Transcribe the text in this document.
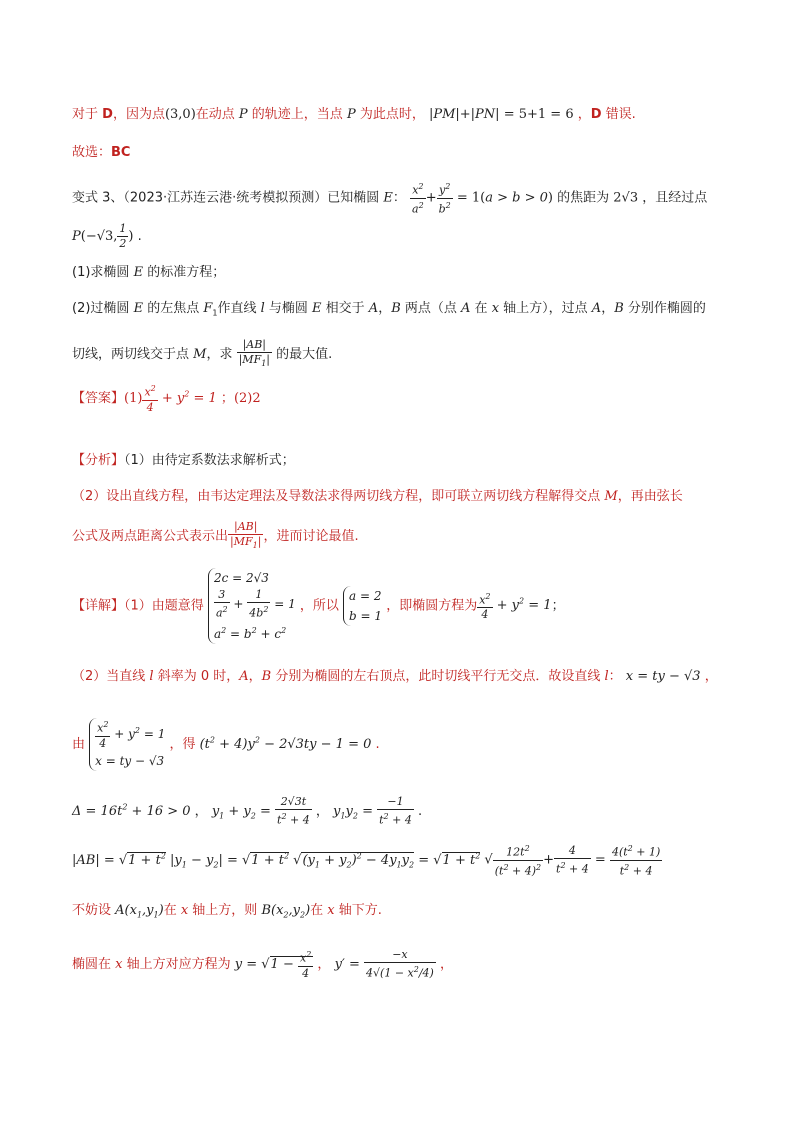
对于 D，因为点(3,0)在动点 P 的轨迹上，当点 P 为此点时， |PM|+|PN| = 5+1 = 6 ，D 错误.
故选：BC
变式 3、（2023·江苏连云港·统考模拟预测）已知椭圆 E： $\frac{x^2}{a^2} + \frac{y^2}{b^2} = 1(a > b > 0)$ 的焦距为 2√3 ，且经过点
P(−√3, $\frac{1}{2}$ ) .
(1)求椭圆 E 的标准方程；
(2)过椭圆 E 的左焦点 $F_1$作直线 l 与椭圆 E 相交于 A，B 两点（点 A 在 x 轴上方），过点 A，B 分别作椭圆的
切线，两切线交于点 M，求 $\frac{|AB|}{|MF_1|}$ 的最大值.
【答案】$(1) \frac{x^2}{4} + y^2 = 1$ ；(2)2
【分析】（1）由待定系数法求解析式；
（2）设出直线方程，由韦达定理法及导数法求得两切线方程，即可联立两切线方程解得交点 M，再由弦长
公式及两点距离公式表示出 $\frac{|AB|}{|MF_1|}$ ，进而讨论最值.
【详解】（1）由题意得
2c = 2√3
$\frac{3}{a^2} + \frac{1}{4b^2} = 1$
$a^2 = b^2 + c^2$
，所以
a = 2
b = 1
，即椭圆方程为 $\frac{x^2}{4} + y^2 = 1$；
（2）当直线 l 斜率为 0 时，A，B 分别为椭圆的左右顶点，此时切线平行无交点．故设直线 l： x = ty − √3 ，
由 $\frac{x^2}{4} + y^2 = 1$
x = ty − √3
，得 $(t^2 + 4)y^2 - 2√3ty - 1 = 0$ .
$\Delta = 16t^2 + 16 > 0$ ， $y_1 + y_2 = \frac{2√3t}{t^2 + 4}$ ， $y_1y_2 = \frac{-1}{t^2 + 4}$ .
$|AB| = √1 + t^2$ $|y_1 - y_2| = √1 + t^2$ $√(y_1 + y_2)^2 - 4y_1y_2 = √1 + t^2$ √ $\frac{12t^2}{(t^2 + 4)^2} + \frac{4}{t^2 + 4} = \frac{4(t^2 + 1)}{t^2 + 4}$
不妨设 $A(x_1,y_1)$在 x 轴上方，则 $B(x_2,y_2)$在 x 轴下方.
椭圆在 x 轴上方对应方程为 $y = √1 - \frac{x^2}{4}$ ， $y' = \frac{-x}{4√(1 - x^2/4)}$ ，
